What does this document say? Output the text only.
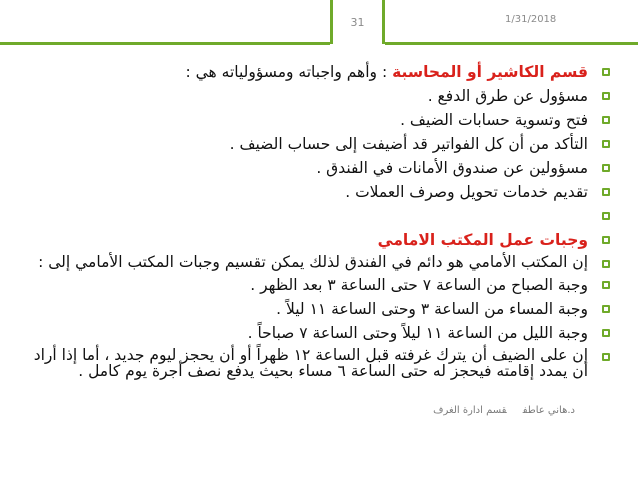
31	1/31/2018
قسم الكاشير أو المحاسبة : وأهم واجباته ومسؤولياته هي :
مسؤول عن طرق الدفع .
فتح وتسوية حسابات الضيف .
التأكد من أن كل الفواتير قد أضيفت إلى حساب الضيف .
مسؤولين عن صندوق الأمانات في الفندق .
تقديم خدمات تحويل وصرف العملات .
وجبات عمل المكتب الامامي
إن المكتب الأمامي هو دائم في الفندق لذلك يمكن تقسيم وجبات المكتب الأمامي إلى :
وجبة الصباح من الساعة ٧ حتى الساعة ٣ بعد الظهر .
وجبة المساء من الساعة ٣ وحتى الساعة ١١ ليلاً .
وجبة الليل من الساعة ١١ ليلاً وحتى الساعة ٧ صباحاً .
إن على الضيف أن يترك غرفته قبل الساعة ١٢ ظهراً أو أن يحجز ليوم جديد ، أما إذا أراد أن يمدد إقامته فيحجز له حتى الساعة ٦ مساء بحيث يدفع نصف أجرة يوم كامل .
د.هاني عاطفقسم ادارة الغرف
